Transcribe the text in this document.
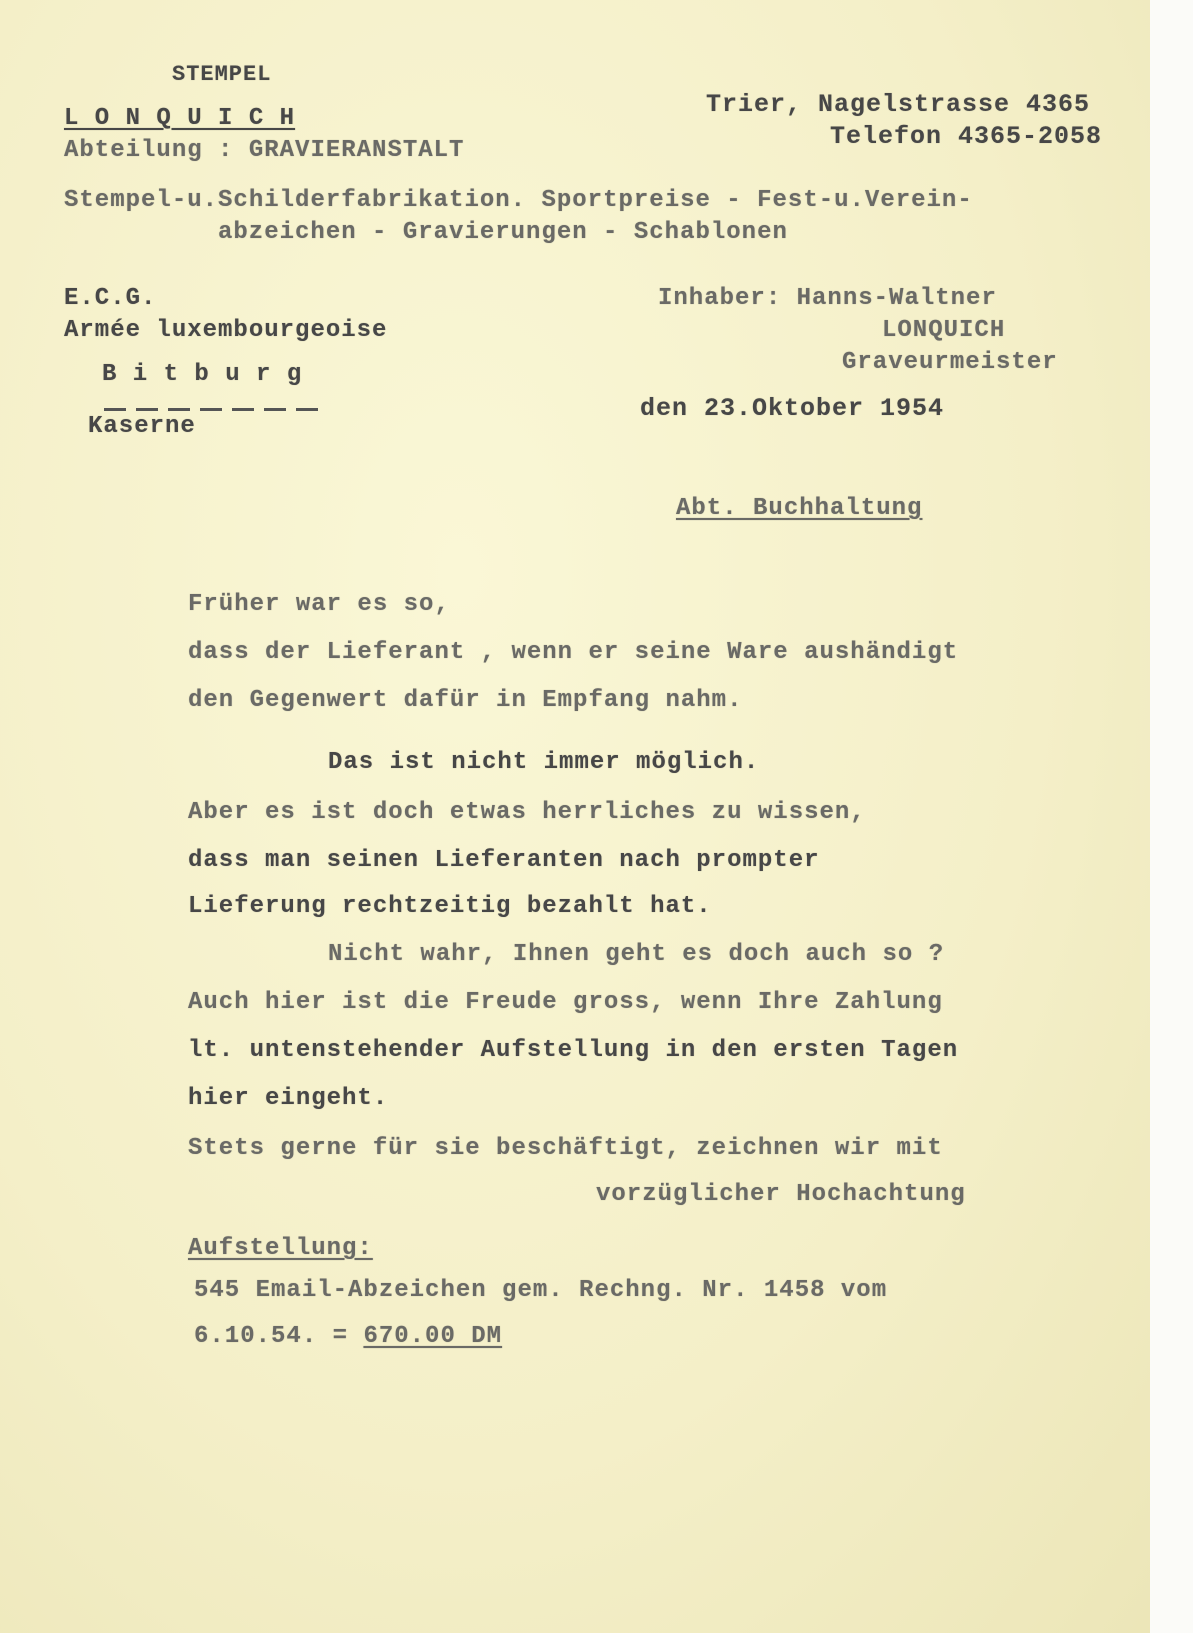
STEMPEL
L O N Q U I C H
Abteilung : GRAVIERANSTALT
Trier, Nagelstrasse 4365
Telefon 4365-2058
Stempel-u.Schilderfabrikation. Sportpreise - Fest-u.Verein-
abzeichen - Gravierungen - Schablonen
E.C.G.
Armée luxembourgeoise
B i t b u r g
Kaserne
Inhaber: Hanns-Waltner
LONQUICH
Graveurmeister
den 23.Oktober 1954
Abt. Buchhaltung
Früher war es so,
dass der Lieferant , wenn er seine Ware aushändigt
den Gegenwert dafür in Empfang nahm.
Das ist nicht immer möglich.
Aber es ist doch etwas herrliches zu wissen,
dass man seinen Lieferanten nach prompter
Lieferung rechtzeitig bezahlt hat.
Nicht wahr, Ihnen geht es doch auch so ?
Auch hier ist die Freude gross, wenn Ihre Zahlung
lt. untenstehender Aufstellung in den ersten Tagen
hier eingeht.
Stets gerne für sie beschäftigt, zeichnen wir mit
vorzüglicher Hochachtung
Aufstellung:
545 Email-Abzeichen gem. Rechng. Nr. 1458 vom
6.10.54. = 670.00 DM
